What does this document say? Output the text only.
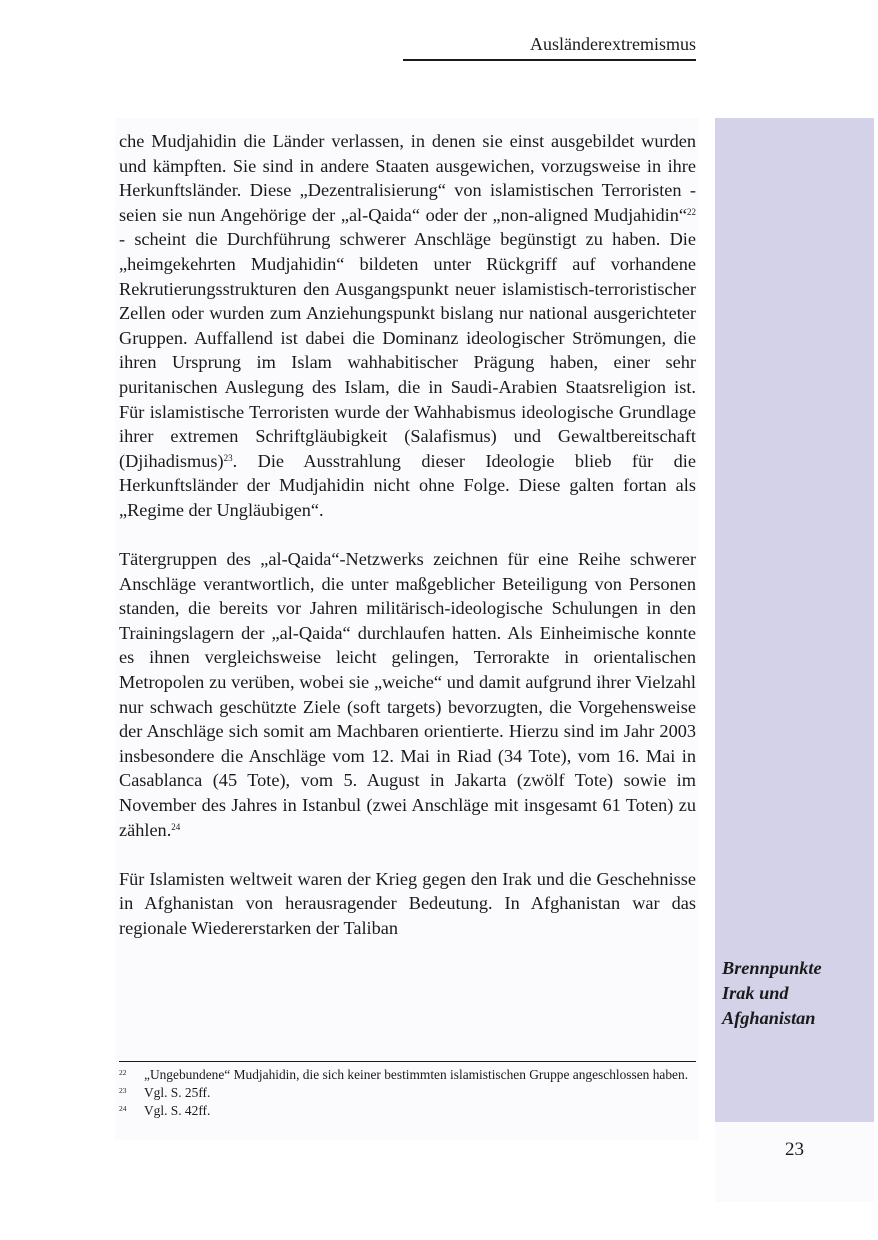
Ausländerextremismus

che Mudjahidin die Länder verlassen, in denen sie einst ausgebildet wurden und kämpften. Sie sind in andere Staaten ausgewichen, vorzugsweise in ihre Herkunftsländer. Diese „Dezentralisierung“ von islamistischen Terroristen - seien sie nun Angehörige der „al-Qaida“ oder der „non-aligned Mudjahidin“$^{22}$ - scheint die Durchführung schwerer Anschläge begünstigt zu haben. Die „heimgekehrten Mudjahidin“ bildeten unter Rückgriff auf vorhandene Rekrutierungsstrukturen den Ausgangspunkt neuer islamistisch-terroristischer Zellen oder wurden zum Anziehungspunkt bislang nur national ausgerichteter Gruppen. Auffallend ist dabei die Dominanz ideologischer Strömungen, die ihren Ursprung im Islam wahhabitischer Prägung haben, einer sehr puritanischen Auslegung des Islam, die in Saudi-Arabien Staatsreligion ist. Für islamistische Terroristen wurde der Wahhabismus ideologische Grundlage ihrer extremen Schriftgläubigkeit (Salafismus) und Gewaltbereitschaft (Djihadismus)$^{23}$. Die Ausstrahlung dieser Ideologie blieb für die Herkunftsländer der Mudjahidin nicht ohne Folge. Diese galten fortan als „Regime der Ungläubigen“.

Tätergruppen des „al-Qaida“-Netzwerks zeichnen für eine Reihe schwerer Anschläge verantwortlich, die unter maßgeblicher Beteiligung von Personen standen, die bereits vor Jahren militärisch-ideologische Schulungen in den Trainingslagern der „al-Qaida“ durchlaufen hatten. Als Einheimische konnte es ihnen vergleichsweise leicht gelingen, Terrorakte in orientalischen Metropolen zu verüben, wobei sie „weiche“ und damit aufgrund ihrer Vielzahl nur schwach geschützte Ziele (soft targets) bevorzugten, die Vorgehensweise der Anschläge sich somit am Machbaren orientierte. Hierzu sind im Jahr 2003 insbesondere die Anschläge vom 12. Mai in Riad (34 Tote), vom 16. Mai in Casablanca (45 Tote), vom 5. August in Jakarta (zwölf Tote) sowie im November des Jahres in Istanbul (zwei Anschläge mit insgesamt 61 Toten) zu zählen.$^{24}$

Für Islamisten weltweit waren der Krieg gegen den Irak und die Geschehnisse in Afghanistan von herausragender Bedeutung. In Afghanistan war das regionale Wiedererstarken der Taliban

Brennpunkte
Irak und
Afghanistan
22	„Ungebundene“ Mudjahidin, die sich keiner bestimmten islamistischen Gruppe angeschlossen haben.
23	Vgl. S. 25ff.
24	Vgl. S. 42ff.
23
